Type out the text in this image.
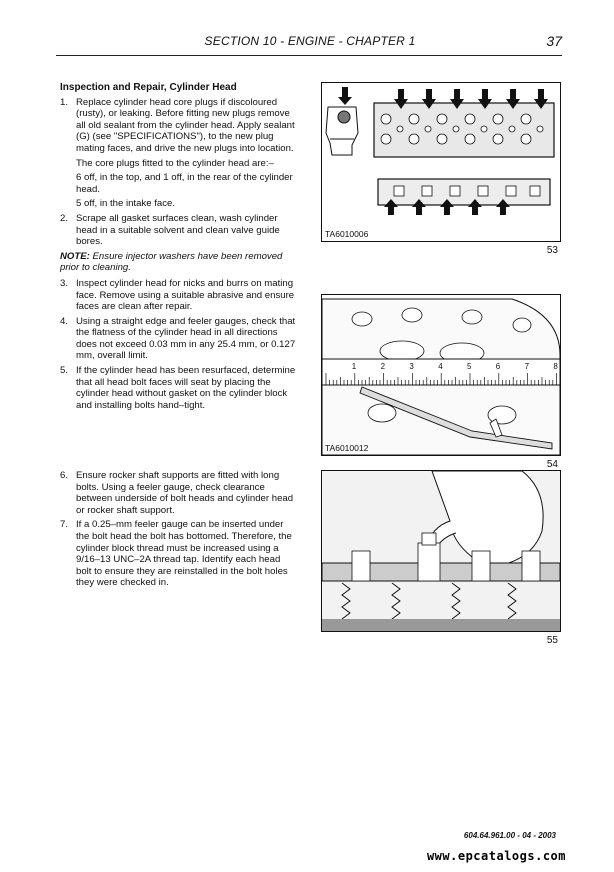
SECTION 10 - ENGINE - CHAPTER 1	37
Inspection and Repair, Cylinder Head
1. Replace cylinder head core plugs if discoloured (rusty), or leaking. Before fitting new plugs remove all old sealant from the cylinder head. Apply sealant (G) (see "SPECIFICATIONS"), to the new plug mating faces, and drive the new plugs into location.
The core plugs fitted to the cylinder head are:–
6 off, in the top, and 1 off, in the rear of the cylinder head.
5 off, in the intake face.
2. Scrape all gasket surfaces clean, wash cylinder head in a suitable solvent and clean valve guide bores.
NOTE: Ensure injector washers have been removed prior to cleaning.
3. Inspect cylinder head for nicks and burrs on mating face. Remove using a suitable abrasive and ensure faces are clean after repair.
4. Using a straight edge and feeler gauges, check that the flatness of the cylinder head in all directions does not exceed 0.03 mm in any 25.4 mm, or 0.127 mm, overall limit.
5. If the cylinder head has been resurfaced, determine that all head bolt faces will seat by placing the cylinder head without gasket on the cylinder block and installing bolts hand–tight.
6. Ensure rocker shaft supports are fitted with long bolts. Using a feeler gauge, check clearance between underside of bolt heads and cylinder head or rocker shaft support.
7. If a 0.25–mm feeler gauge can be inserted under the bolt head the bolt has bottomed. Therefore, the cylinder block thread must be increased using a 9/16–13 UNC–2A thread tap. Identify each head bolt to ensure they are reinstalled in the bolt holes they were checked in.
TA6010006
53
1	2	3	4	5	6	7	8
TA6010012
54
55
604.64.961.00 - 04 - 2003
www.epcatalogs.com
